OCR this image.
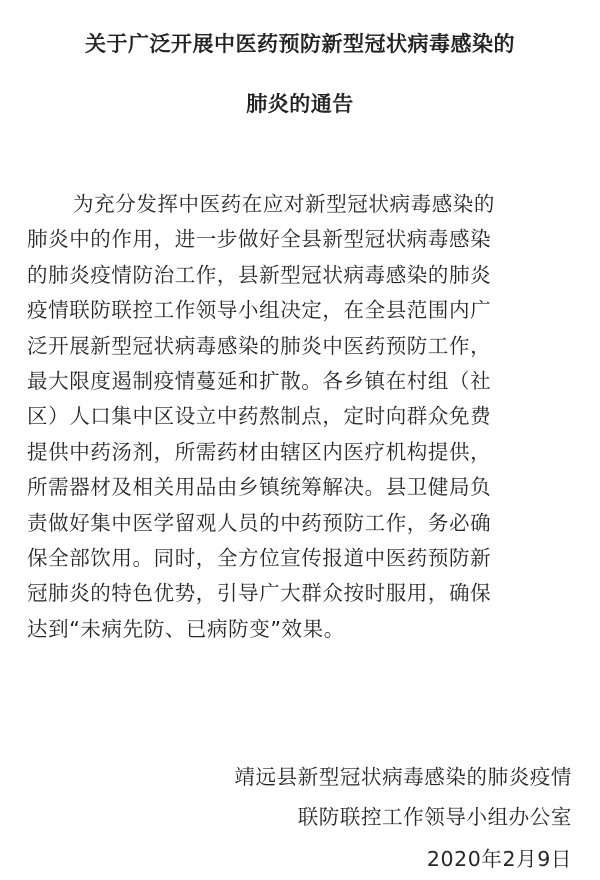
关于广泛开展中医药预防新型冠状病毒感染的
肺炎的通告
为充分发挥中医药在应对新型冠状病毒感染的
肺炎中的作用，进一步做好全县新型冠状病毒感染
的肺炎疫情防治工作，县新型冠状病毒感染的肺炎
疫情联防联控工作领导小组决定，在全县范围内广
泛开展新型冠状病毒感染的肺炎中医药预防工作，
最大限度遏制疫情蔓延和扩散。各乡镇在村组（社
区）人口集中区设立中药熬制点，定时向群众免费
提供中药汤剂，所需药材由辖区内医疗机构提供，
所需器材及相关用品由乡镇统筹解决。县卫健局负
责做好集中医学留观人员的中药预防工作，务必确
保全部饮用。同时，全方位宣传报道中医药预防新
冠肺炎的特色优势，引导广大群众按时服用，确保
达到“未病先防、已病防变”效果。
靖远县新型冠状病毒感染的肺炎疫情
联防联控工作领导小组办公室
2020年2月9日
